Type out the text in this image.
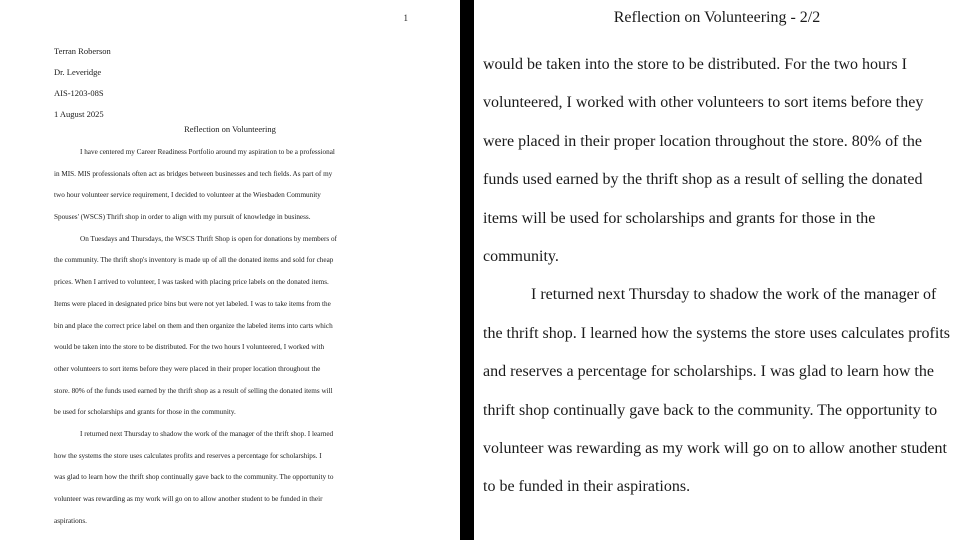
1
Terran Roberson
Dr. Leveridge
AIS-1203-08S
1 August 2025
Reflection on Volunteering
I have centered my Career Readiness Portfolio around my aspiration to be a professional
in MIS. MIS professionals often act as bridges between businesses and tech fields. As part of my
two hour volunteer service requirement, I decided to volunteer at the Wiesbaden Community
Spouses' (WSCS) Thrift shop in order to align with my pursuit of knowledge in business.
On Tuesdays and Thursdays, the WSCS Thrift Shop is open for donations by members of
the community. The thrift shop's inventory is made up of all the donated items and sold for cheap
prices. When I arrived to volunteer, I was tasked with placing price labels on the donated items.
Items were placed in designated price bins but were not yet labeled. I was to take items from the
bin and place the correct price label on them and then organize the labeled items into carts which
would be taken into the store to be distributed. For the two hours I volunteered, I worked with
other volunteers to sort items before they were placed in their proper location throughout the
store. 80% of the funds used earned by the thrift shop as a result of selling the donated items will
be used for scholarships and grants for those in the community.
I returned next Thursday to shadow the work of the manager of the thrift shop. I learned
how the systems the store uses calculates profits and reserves a percentage for scholarships. I
was glad to learn how the thrift shop continually gave back to the community. The opportunity to
volunteer was rewarding as my work will go on to allow another student to be funded in their
aspirations.
Reflection on Volunteering - 2/2
would be taken into the store to be distributed. For the two hours I
volunteered, I worked with other volunteers to sort items before they
were placed in their proper location throughout the store. 80% of the
funds used earned by the thrift shop as a result of selling the donated
items will be used for scholarships and grants for those in the
community.
I returned next Thursday to shadow the work of the manager of
the thrift shop. I learned how the systems the store uses calculates profits
and reserves a percentage for scholarships. I was glad to learn how the
thrift shop continually gave back to the community. The opportunity to
volunteer was rewarding as my work will go on to allow another student
to be funded in their aspirations.
